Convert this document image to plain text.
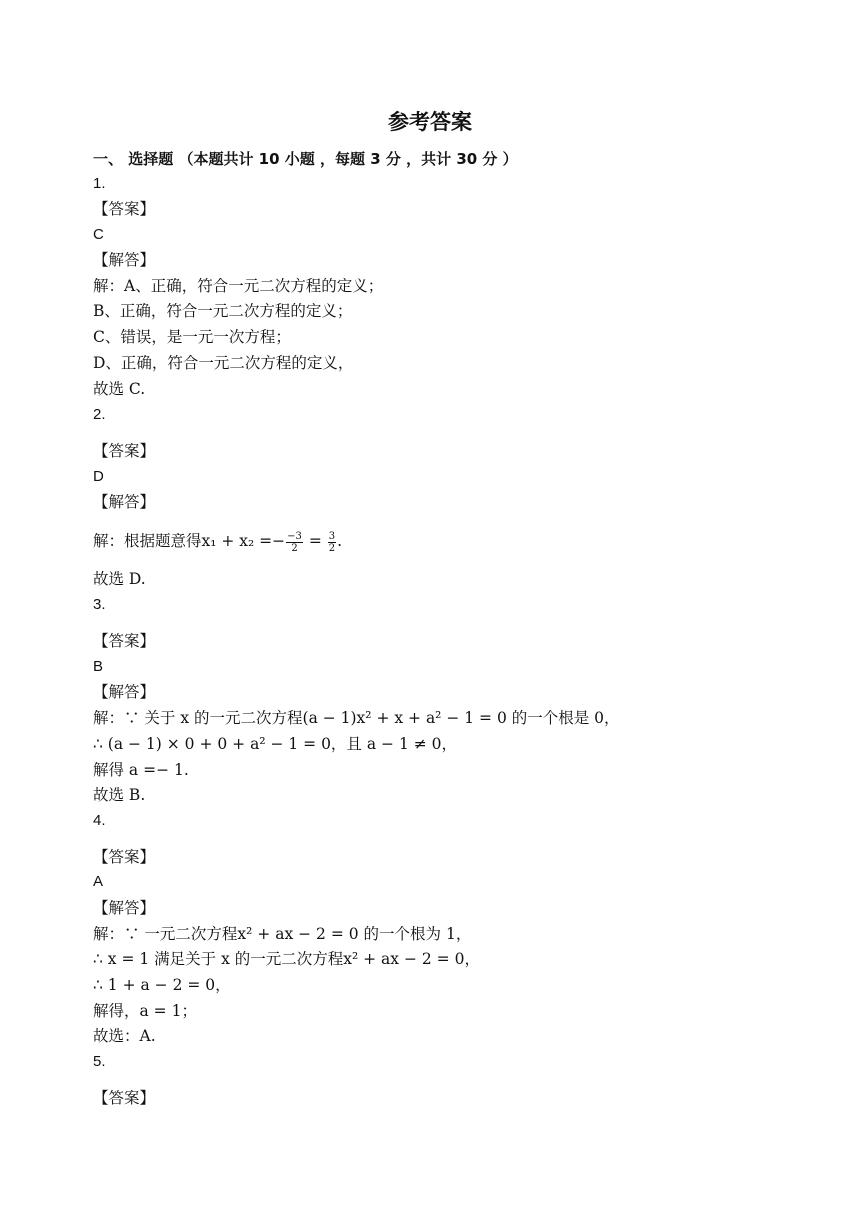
参考答案
一、 选择题 （本题共计 10 小题 ，每题 3 分 ，共计 30 分 ）
1.
【答案】
C
【解答】
解：A、正确，符合一元二次方程的定义；
B、正确，符合一元二次方程的定义；
C、错误，是一元一次方程；
D、正确，符合一元二次方程的定义，
故选 C.
2.
【答案】
D
【解答】
解：根据题意得$x_1 + x_2 =- \frac{-3}{2} = \frac{3}{2}$ .
故选 D.
3.
【答案】
B
【解答】
解：∵ 关于 x 的一元二次方程(a − 1)x² + x + a² − 1 = 0 的一个根是 0，
∴ (a − 1) × 0 + 0 + a² − 1 = 0，且 a − 1 ≠ 0，
解得 a =− 1.
故选 B.
4.
【答案】
A
【解答】
解：∵ 一元二次方程x² + ax − 2 = 0 的一个根为 1，
∴ x = 1 满足关于 x 的一元二次方程x² + ax − 2 = 0，
∴ 1 + a − 2 = 0，
解得，a = 1；
故选：A.
5.
【答案】
